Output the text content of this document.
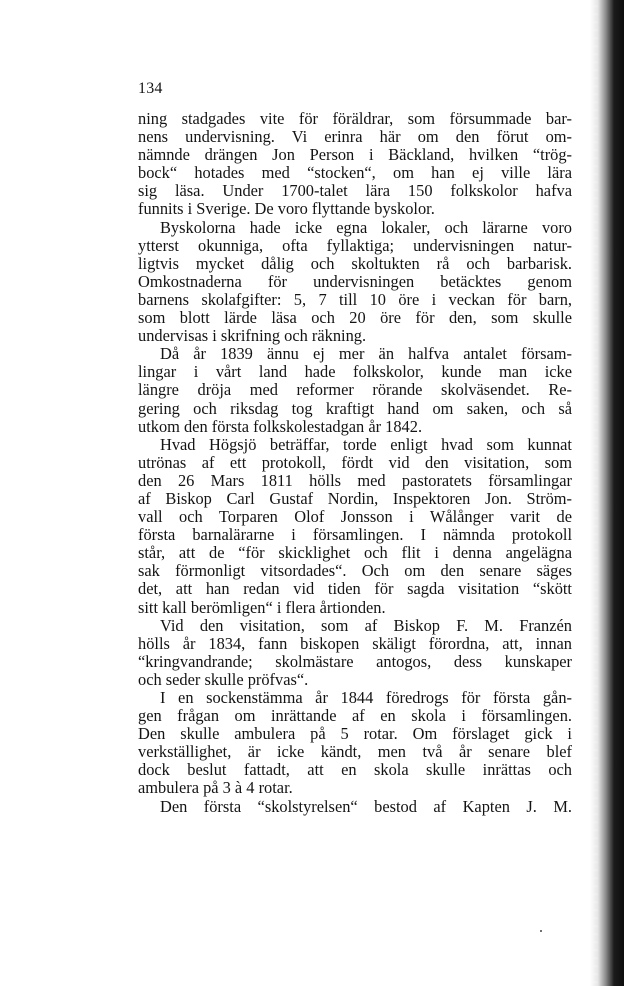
134
ning stadgades vite för föräldrar, som försummade bar-
nens undervisning. Vi erinra här om den förut om-
nämnde drängen Jon Person i Bäckland, hvilken “trög-
bock“ hotades med “stocken“, om han ej ville lära
sig läsa. Under 1700-talet lära 150 folkskolor hafva
funnits i Sverige. De voro flyttande byskolor.
Byskolorna hade icke egna lokaler, och lärarne voro
ytterst okunniga, ofta fyllaktiga; undervisningen natur-
ligtvis mycket dålig och skoltukten rå och barbarisk.
Omkostnaderna för undervisningen betäcktes genom
barnens skolafgifter: 5, 7 till 10 öre i veckan för barn,
som blott lärde läsa och 20 öre för den, som skulle
undervisas i skrifning och räkning.
Då år 1839 ännu ej mer än halfva antalet försam-
lingar i vårt land hade folkskolor, kunde man icke
längre dröja med reformer rörande skolväsendet. Re-
gering och riksdag tog kraftigt hand om saken, och så
utkom den första folkskolestadgan år 1842.
Hvad Högsjö beträffar, torde enligt hvad som kunnat
utrönas af ett protokoll, fördt vid den visitation, som
den 26 Mars 1811 hölls med pastoratets församlingar
af Biskop Carl Gustaf Nordin, Inspektoren Jon. Ström-
vall och Torparen Olof Jonsson i Wålånger varit de
första barnalärarne i församlingen. I nämnda protokoll
står, att de “för skicklighet och flit i denna angelägna
sak förmonligt vitsordades“. Och om den senare säges
det, att han redan vid tiden för sagda visitation “skött
sitt kall berömligen“ i flera årtionden.
Vid den visitation, som af Biskop F. M. Franzén
hölls år 1834, fann biskopen skäligt förordna, att, innan
“kringvandrande; skolmästare antogos, dess kunskaper
och seder skulle pröfvas“.
I en sockenstämma år 1844 föredrogs för första gån-
gen frågan om inrättande af en skola i församlingen.
Den skulle ambulera på 5 rotar. Om förslaget gick i
verkställighet, är icke kändt, men två år senare blef
dock beslut fattadt, att en skola skulle inrättas och
ambulera på 3 à 4 rotar.
Den första “skolstyrelsen“ bestod af Kapten J. M.
